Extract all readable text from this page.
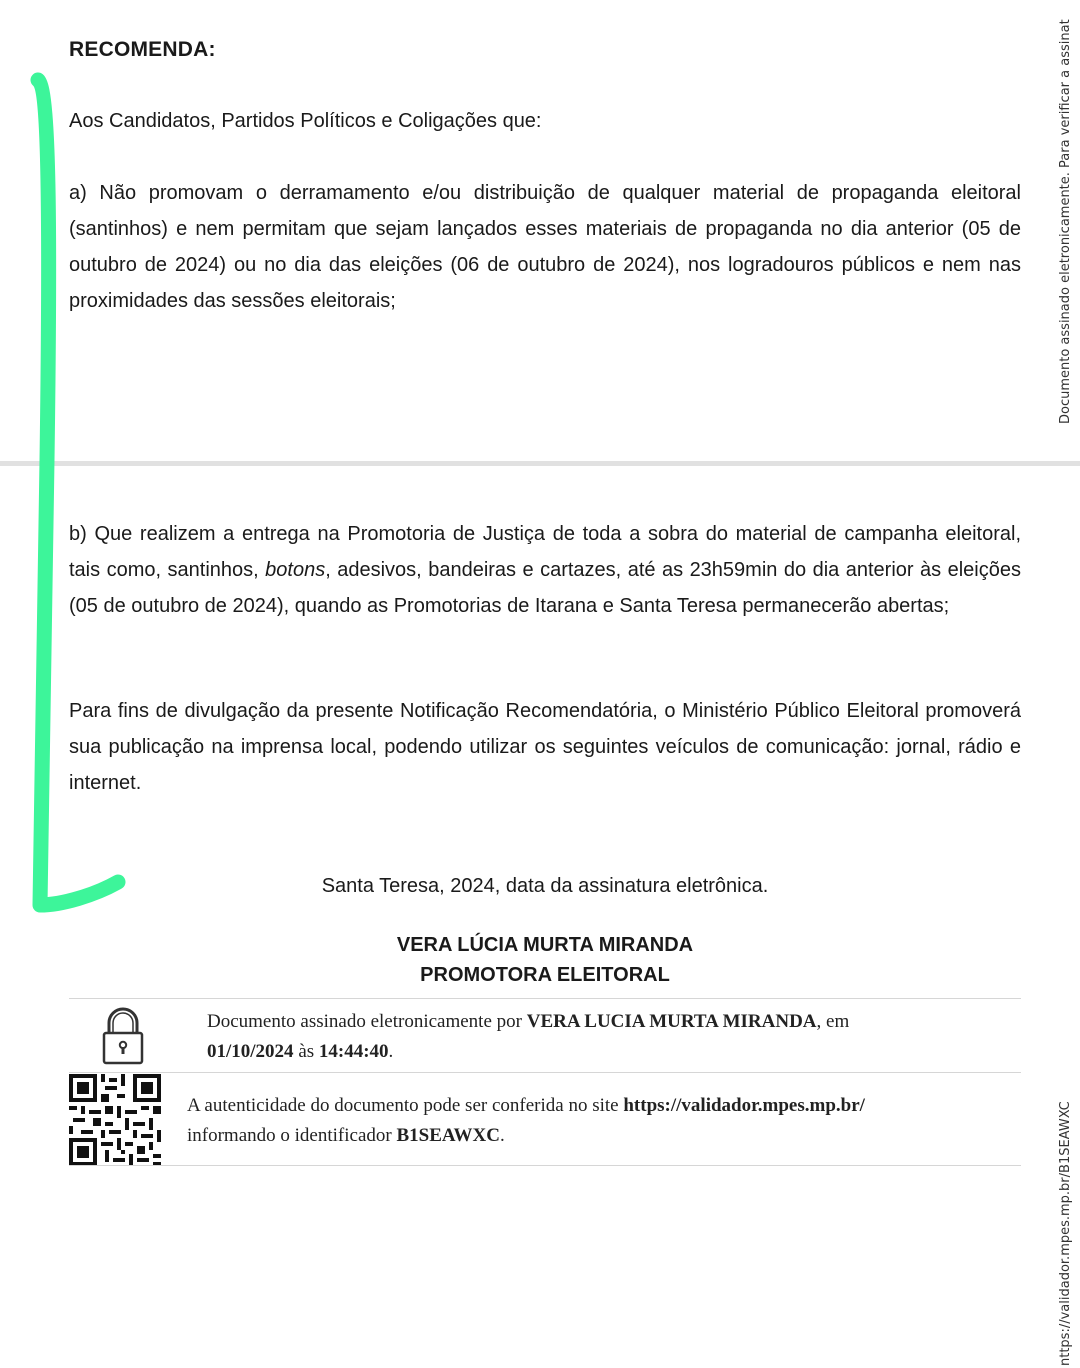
RECOMENDA:
Aos Candidatos, Partidos Políticos e Coligações que:
a) Não promovam o derramamento e/ou distribuição de qualquer material de propaganda eleitoral (santinhos) e nem permitam que sejam lançados esses materiais de propaganda no dia anterior (05 de outubro de 2024) ou no dia das eleições (06 de outubro de 2024), nos logradouros públicos e nem nas proximidades das sessões eleitorais;
b) Que realizem a entrega na Promotoria de Justiça de toda a sobra do material de campanha eleitoral, tais como, santinhos, botons, adesivos, bandeiras e cartazes, até as 23h59min do dia anterior às eleições (05 de outubro de 2024), quando as Promotorias de Itarana e Santa Teresa permanecerão abertas;
Para fins de divulgação da presente Notificação Recomendatória, o Ministério Público Eleitoral promoverá sua publicação na imprensa local, podendo utilizar os seguintes veículos de comunicação: jornal, rádio e internet.
Santa Teresa, 2024, data da assinatura eletrônica.
VERA LÚCIA MURTA MIRANDA
PROMOTORA ELEITORAL
Documento assinado eletronicamente por VERA LUCIA MURTA MIRANDA, em
01/10/2024 às 14:44:40.
A autenticidade do documento pode ser conferida no site https://validador.mpes.mp.br/
informando o identificador B1SEAWXC.
Documento assinado eletronicamente. Para verificar a assinat
nttps://validador.mpes.mp.br/B1SEAWXC
